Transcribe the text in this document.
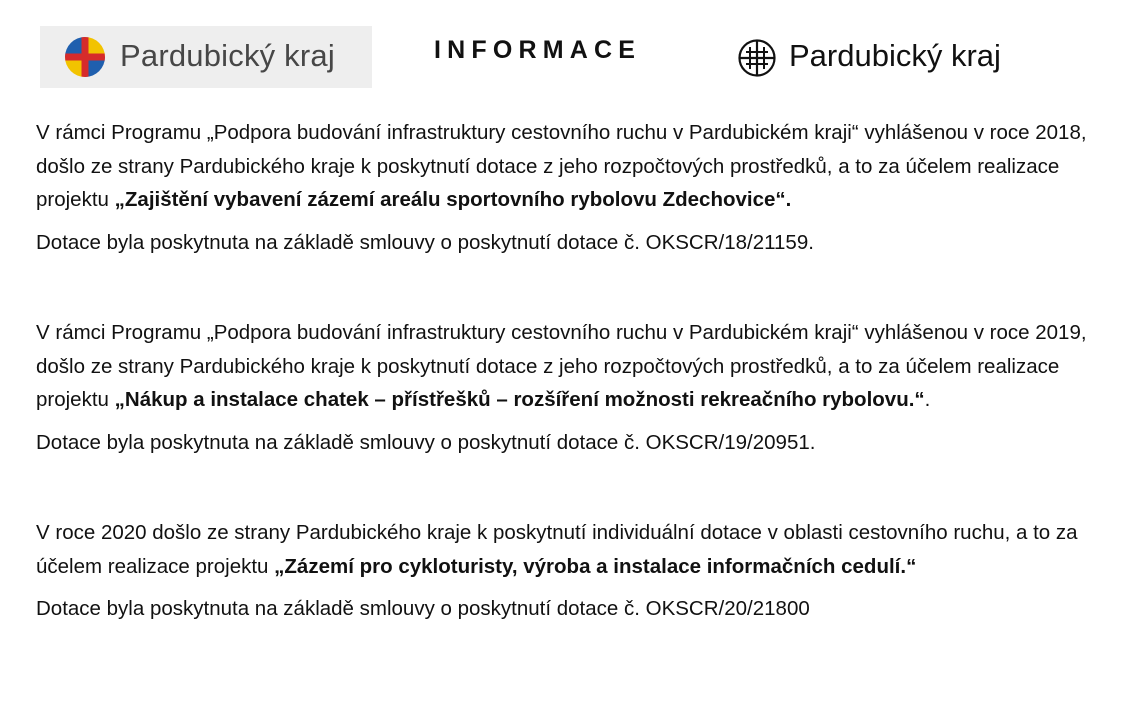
Pardubický kraj	INFORMACE	Pardubický kraj

V rámci Programu „Podpora budování infrastruktury cestovního ruchu v Pardubickém kraji“ vyhlášenou v roce 2018, došlo ze strany Pardubického kraje k poskytnutí dotace z jeho rozpočtových prostředků, a to za účelem realizace projektu „Zajištění vybavení zázemí areálu sportovního rybolovu Zdechovice“.

Dotace byla poskytnuta na základě smlouvy o poskytnutí dotace č. OKSCR/18/21159.

V rámci Programu „Podpora budování infrastruktury cestovního ruchu v Pardubickém kraji“ vyhlášenou v roce 2019, došlo ze strany Pardubického kraje k poskytnutí dotace z jeho rozpočtových prostředků, a to za účelem realizace projektu „Nákup a instalace chatek – přístřešků – rozšíření možnosti rekreačního rybolovu.“.

Dotace byla poskytnuta na základě smlouvy o poskytnutí dotace č. OKSCR/19/20951.

V roce 2020 došlo ze strany Pardubického kraje k poskytnutí individuální dotace v oblasti cestovního ruchu, a to za účelem realizace projektu „Zázemí pro cykloturisty, výroba a instalace informačních cedulí.“

Dotace byla poskytnuta na základě smlouvy o poskytnutí dotace č. OKSCR/20/21800
